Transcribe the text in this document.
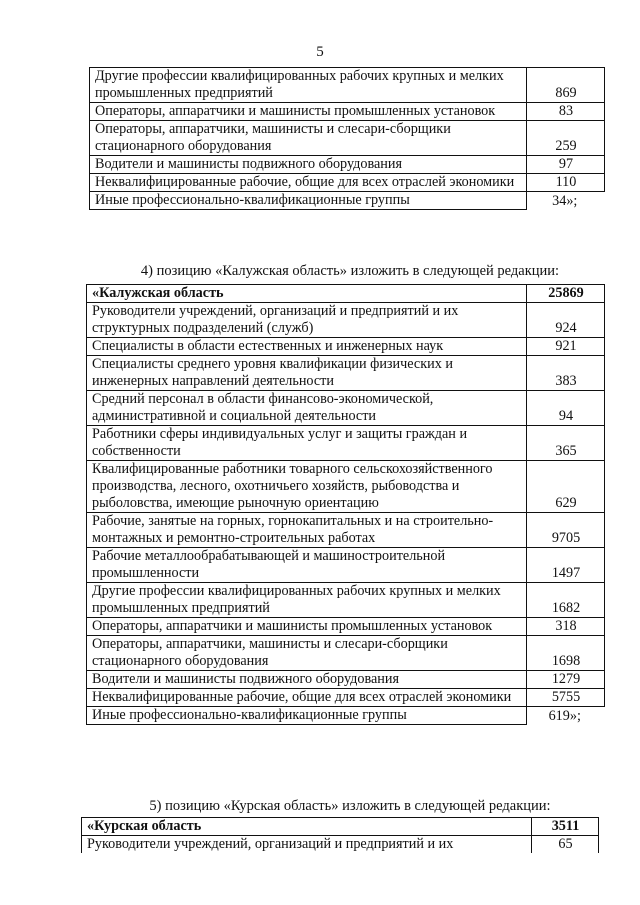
5
Другие профессии квалифицированных рабочих крупных и мелких промышленных предприятий	869
Операторы, аппаратчики и машинисты промышленных установок	83
Операторы, аппаратчики, машинисты и слесари-сборщики стационарного оборудования	259
Водители и машинисты подвижного оборудования	97
Неквалифицированные рабочие, общие для всех отраслей экономики	110
Иные профессионально-квалификационные группы	34»;
4) позицию «Калужская область» изложить в следующей редакции:
«Калужская область	25869
Руководители учреждений, организаций и предприятий и их структурных подразделений (служб)	924
Специалисты в области естественных и инженерных наук	921
Специалисты среднего уровня квалификации физических и инженерных направлений деятельности	383
Средний персонал в области финансово-экономической, административной и социальной деятельности	94
Работники сферы индивидуальных услуг и защиты граждан и собственности	365
Квалифицированные работники товарного сельскохозяйственного производства, лесного, охотничьего хозяйств, рыбоводства и рыболовства, имеющие рыночную ориентацию	629
Рабочие, занятые на горных, горнокапитальных и на строительно-монтажных и ремонтно-строительных работах	9705
Рабочие металлообрабатывающей и машиностроительной промышленности	1497
Другие профессии квалифицированных рабочих крупных и мелких промышленных предприятий	1682
Операторы, аппаратчики и машинисты промышленных установок	318
Операторы, аппаратчики, машинисты и слесари-сборщики стационарного оборудования	1698
Водители и машинисты подвижного оборудования	1279
Неквалифицированные рабочие, общие для всех отраслей экономики	5755
Иные профессионально-квалификационные группы	619»;
5) позицию «Курская область» изложить в следующей редакции:
«Курская область	3511
Руководители учреждений, организаций и предприятий и их	65
